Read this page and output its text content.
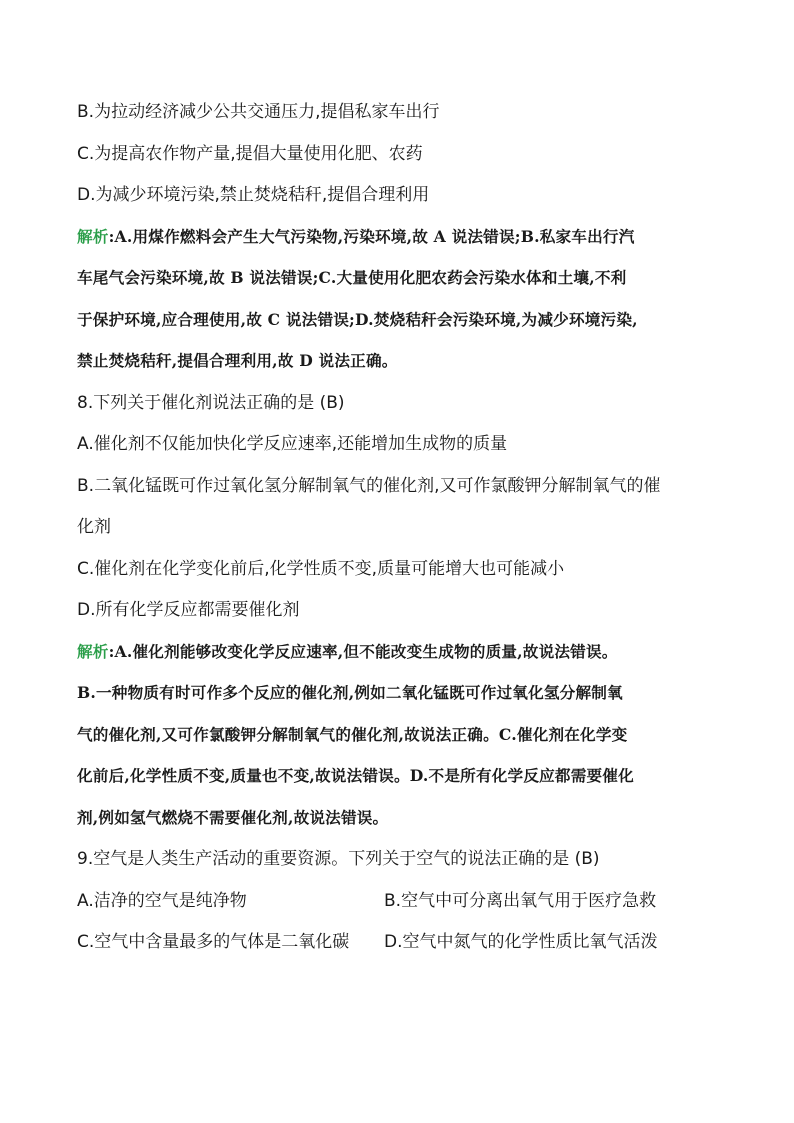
B.为拉动经济减少公共交通压力,提倡私家车出行
C.为提高农作物产量,提倡大量使用化肥、农药
D.为减少环境污染,禁止焚烧秸秆,提倡合理利用
解析:A.用煤作燃料会产生大气污染物,污染环境,故 A 说法错误;B.私家车出行汽
车尾气会污染环境,故 B 说法错误;C.大量使用化肥农药会污染水体和土壤,不利
于保护环境,应合理使用,故 C 说法错误;D.焚烧秸秆会污染环境,为减少环境污染,
禁止焚烧秸秆,提倡合理利用,故 D 说法正确。
8.下列关于催化剂说法正确的是 (B)
A.催化剂不仅能加快化学反应速率,还能增加生成物的质量
B.二氧化锰既可作过氧化氢分解制氧气的催化剂,又可作氯酸钾分解制氧气的催
化剂
C.催化剂在化学变化前后,化学性质不变,质量可能增大也可能减小
D.所有化学反应都需要催化剂
解析:A.催化剂能够改变化学反应速率,但不能改变生成物的质量,故说法错误。
B.一种物质有时可作多个反应的催化剂,例如二氧化锰既可作过氧化氢分解制氧
气的催化剂,又可作氯酸钾分解制氧气的催化剂,故说法正确。C.催化剂在化学变
化前后,化学性质不变,质量也不变,故说法错误。D.不是所有化学反应都需要催化
剂,例如氢气燃烧不需要催化剂,故说法错误。
9.空气是人类生产活动的重要资源。下列关于空气的说法正确的是 (B)
A.洁净的空气是纯净物	B.空气中可分离出氧气用于医疗急救
C.空气中含量最多的气体是二氧化碳	D.空气中氮气的化学性质比氧气活泼
